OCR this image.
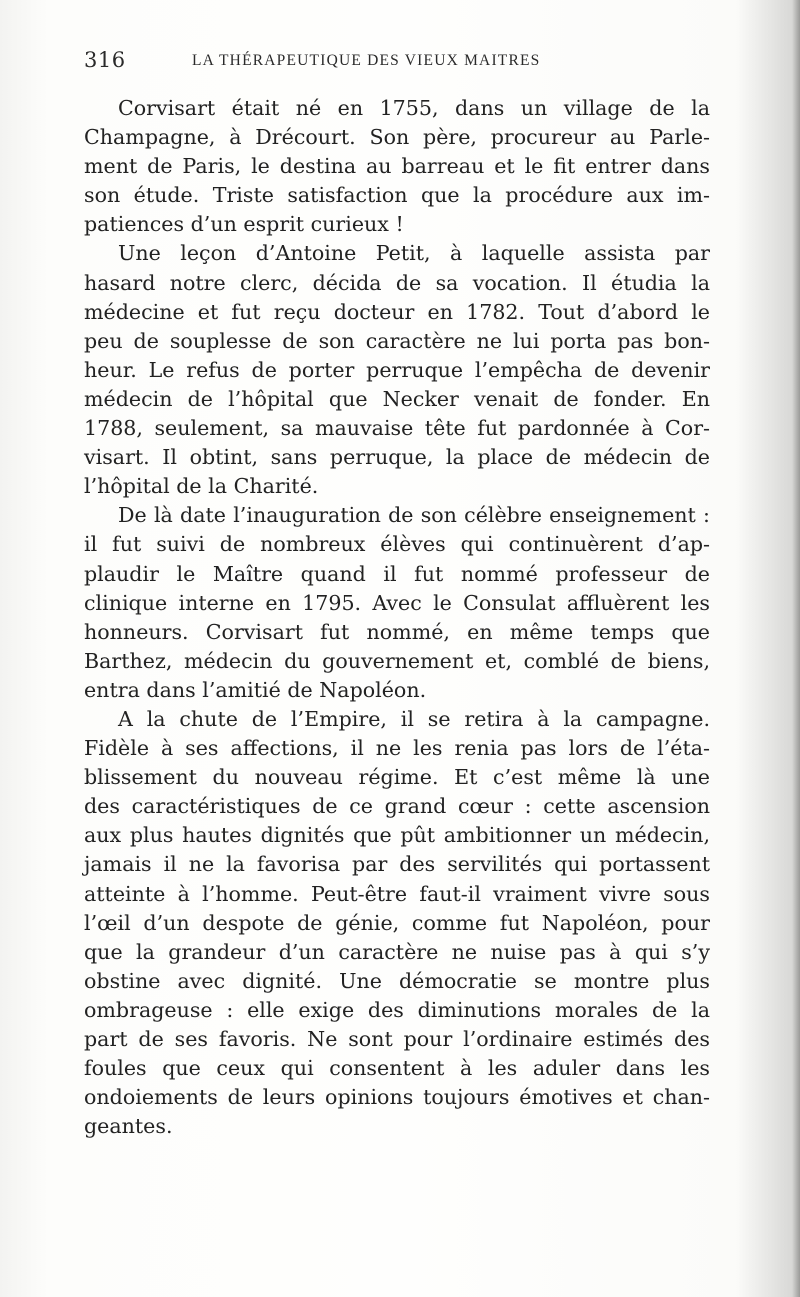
316	LA THÉRAPEUTIQUE DES VIEUX MAITRES
Corvisart était né en 1755, dans un village de la
Champagne, à Drécourt. Son père, procureur au Parle-
ment de Paris, le destina au barreau et le fit entrer dans
son étude. Triste satisfaction que la procédure aux im-
patiences d’un esprit curieux !
Une leçon d’Antoine Petit, à laquelle assista par
hasard notre clerc, décida de sa vocation. Il étudia la
médecine et fut reçu docteur en 1782. Tout d’abord le
peu de souplesse de son caractère ne lui porta pas bon-
heur. Le refus de porter perruque l’empêcha de devenir
médecin de l’hôpital que Necker venait de fonder. En
1788, seulement, sa mauvaise tête fut pardonnée à Cor-
visart. Il obtint, sans perruque, la place de médecin de
l’hôpital de la Charité.
De là date l’inauguration de son célèbre enseignement :
il fut suivi de nombreux élèves qui continuèrent d’ap-
plaudir le Maître quand il fut nommé professeur de
clinique interne en 1795. Avec le Consulat affluèrent les
honneurs. Corvisart fut nommé, en même temps que
Barthez, médecin du gouvernement et, comblé de biens,
entra dans l’amitié de Napoléon.
A la chute de l’Empire, il se retira à la campagne.
Fidèle à ses affections, il ne les renia pas lors de l’éta-
blissement du nouveau régime. Et c’est même là une
des caractéristiques de ce grand cœur : cette ascension
aux plus hautes dignités que pût ambitionner un médecin,
jamais il ne la favorisa par des servilités qui portassent
atteinte à l’homme. Peut-être faut-il vraiment vivre sous
l’œil d’un despote de génie, comme fut Napoléon, pour
que la grandeur d’un caractère ne nuise pas à qui s’y
obstine avec dignité. Une démocratie se montre plus
ombrageuse : elle exige des diminutions morales de la
part de ses favoris. Ne sont pour l’ordinaire estimés des
foules que ceux qui consentent à les aduler dans les
ondoiements de leurs opinions toujours émotives et chan-
geantes.
